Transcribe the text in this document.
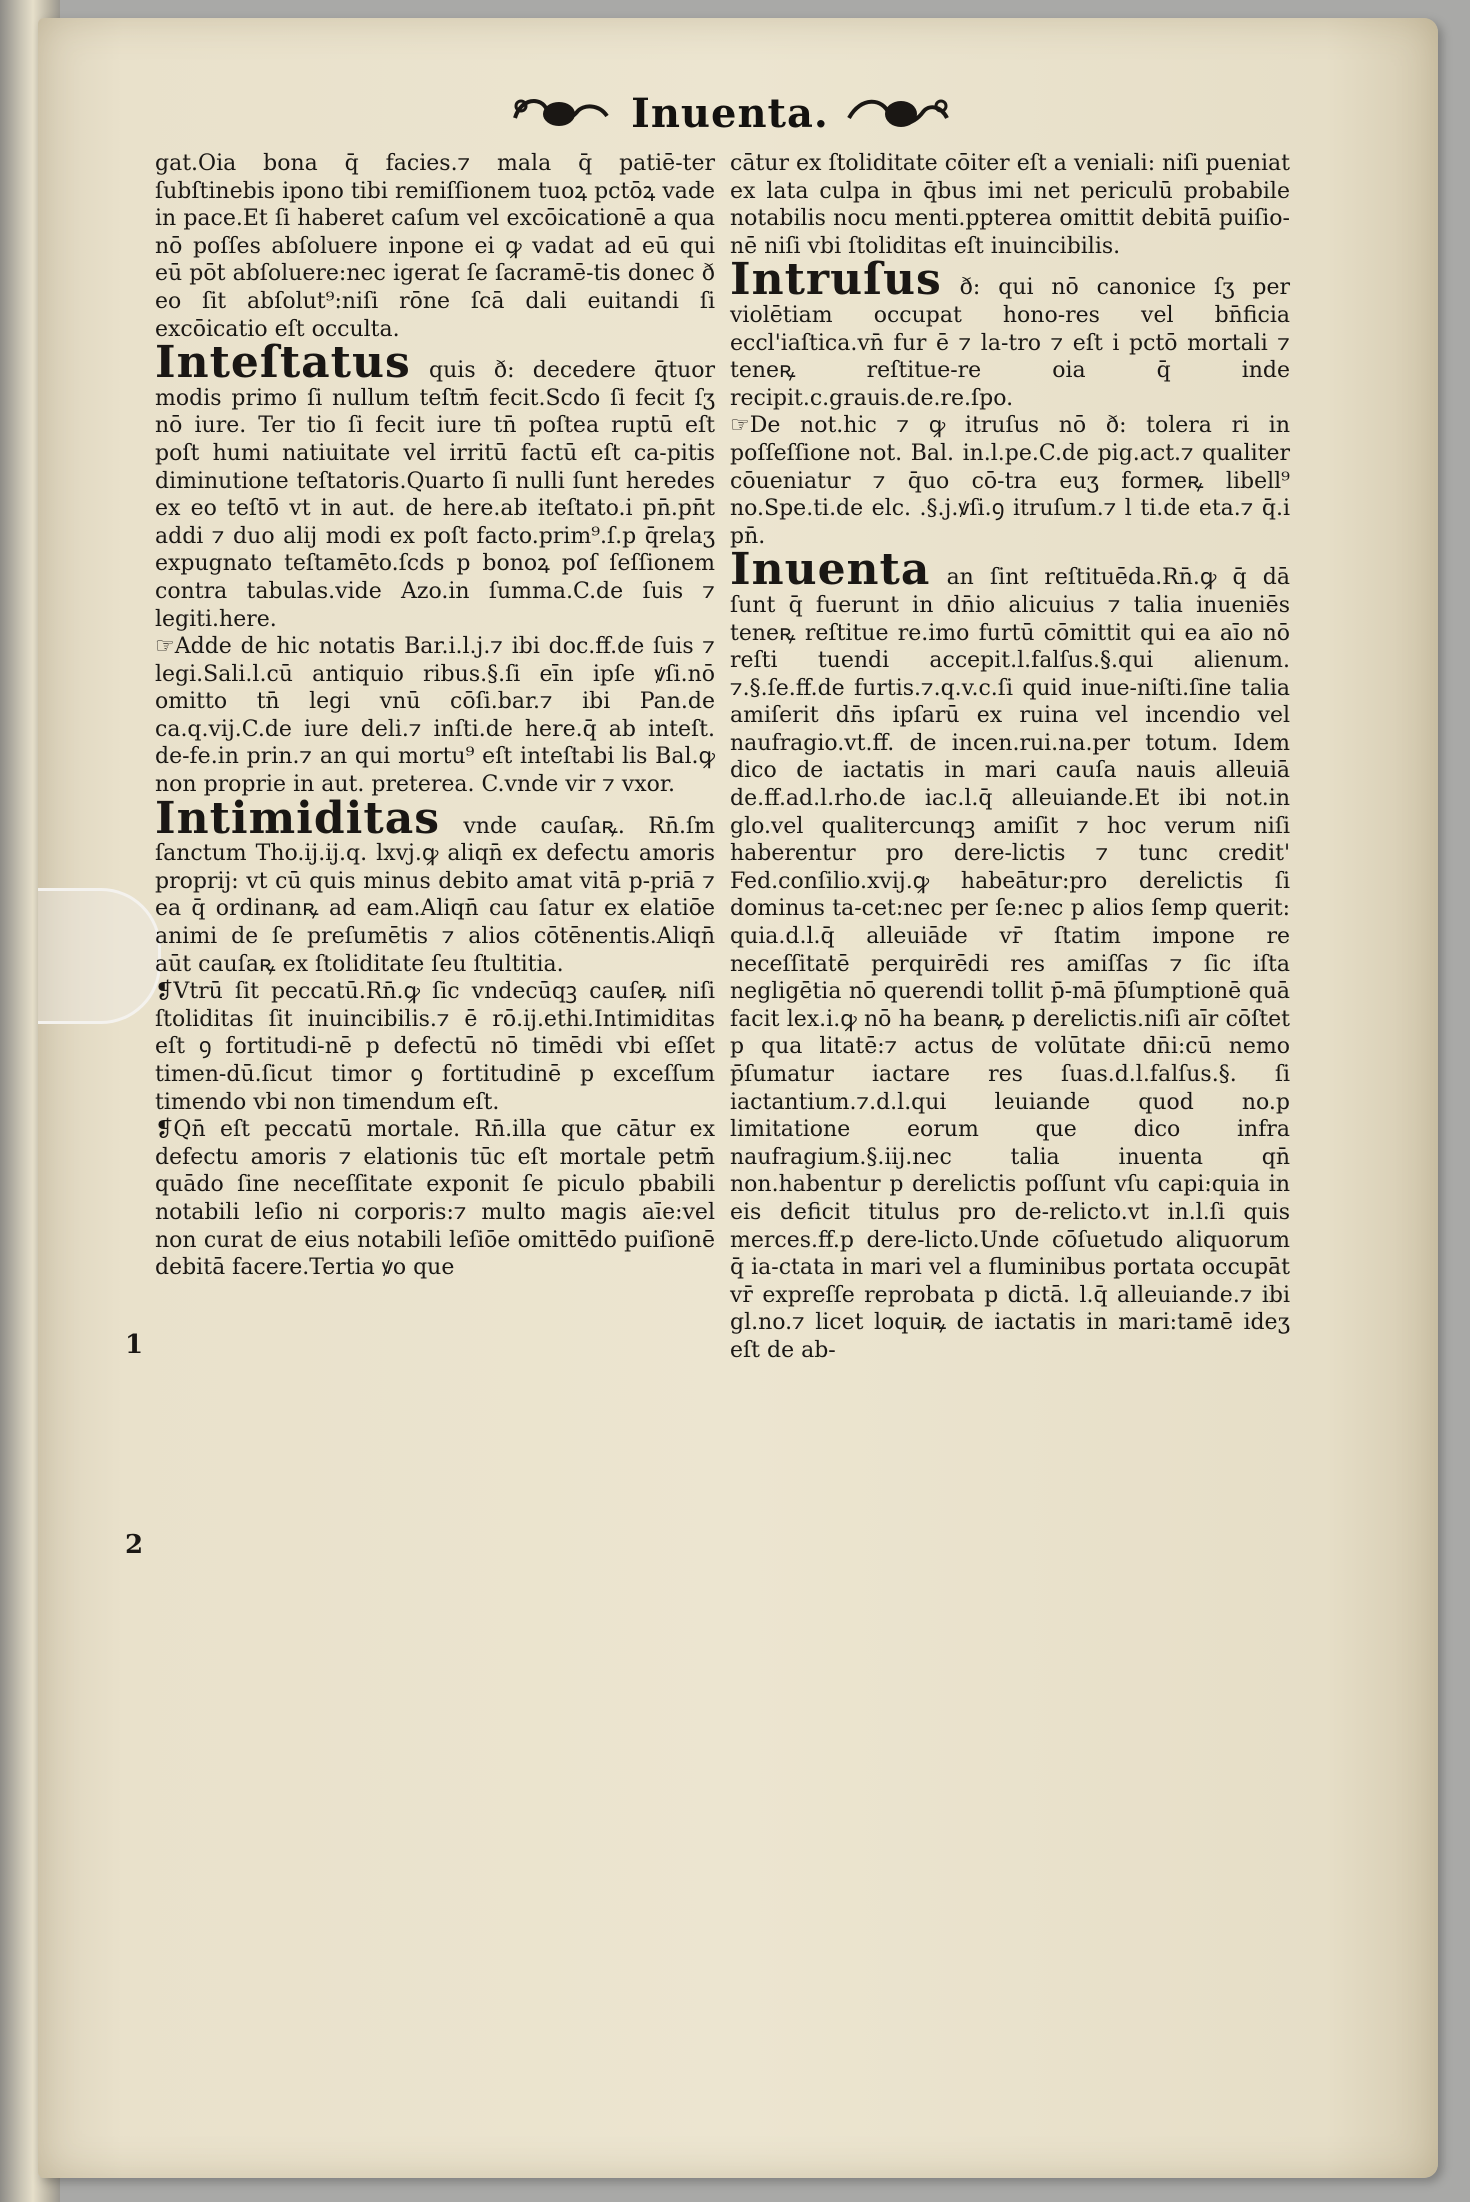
Inuenta.

gat.Oia bona q̄ facies.⁊ mala q̄ patiē-ter ſubſtinebis ipono tibi remiſſionem tuoꝝ pctōꝝ vade in pace.Et ſi haberet caſum vel excōicationē a qua nō poſſes abſoluere inpone ei ꝙ vadat ad eū qui eū pōt abſoluere:nec igerat ſe ſacramē-tis donec ð eo ſit abſolut⁹:niſi rōne ſcā dali euitandi ſi excōicatio eſt occulta.

Inteſtatus quis ð: decedere q̄tuor modis primo ſi nullum teſtm̄ fecit.Scdo ſi fecit ſʒ nō iure. Ter tio ſi fecit iure tn̄ poſtea ruptū eſt poſt humi natiuitate vel irritū factū eſt ca-pitis diminutione teſtatoris.Quarto ſi nulli ſunt heredes ex eo teſtō vt in aut. de here.ab iteſtato.i pn̄.pn̄t addi ⁊ duo alij modi ex poſt facto.prim⁹.ſ.p q̄relaʒ expugnato teſtamēto.ſcds p bonoꝝ poſ ſeſſionem contra tabulas.vide Azo.in ſumma.C.de ſuis ⁊ legiti.here.

☞Adde de hic notatis Bar.i.l.j.⁊ ibi doc.ff.de ſuis ⁊ legi.Sali.l.cū antiquio ribus.§.ſi eīn ipſe ꝟſi.nō omitto tn̄ legi vnū cōſi.bar.⁊ ibi Pan.de ca.q.vij.C.de iure deli.⁊ inſti.de here.q̄ ab inteſt. de-fe.in prin.⁊ an qui mortu⁹ eſt inteſtabi lis Bal.ꝙ non proprie in aut. preterea. C.vnde vir ⁊ vxor.

Intimiditas vnde cauſaꝶ. Rn̄.ſm ſanctum Tho.ij.ij.q. lxvj.ꝙ aliqn̄ ex defectu amoris proprij: vt cū quis minus debito amat vitā p-priā ⁊ ea q̄ ordinanꝶ ad eam.Aliqn̄ cau ſatur ex elatiōe animi de ſe preſumētis ⁊ alios cōtēnentis.Aliqn̄ aūt cauſaꝶ ex ſtoliditate ſeu ſtultitia.

❡Vtrū ſit peccatū.Rn̄.ꝙ ſic vndecūqꝫ cauſeꝶ niſi ſtoliditas ſit inuincibilis.⁊ ē rō.ij.ethi.Intimiditas eſt ꝯ fortitudi-nē p defectū nō timēdi vbi eſſet timen-dū.ſicut timor ꝯ fortitudinē p exceſſum timendo vbi non timendum eſt.

❡Qn̄ eſt peccatū mortale. Rn̄.illa que cātur ex defectu amoris ⁊ elationis tūc eſt mortale petm̄ quādo ſine neceſſitate exponit ſe piculo pbabili notabili leſio ni corporis:⁊ multo magis aīe:vel non curat de eius notabili leſiōe omittēdo puiſionē debitā facere.Tertia ꝟo que

1
2

cātur ex ſtoliditate cōiter eſt a veniali: niſi pueniat ex lata culpa in q̄bus imi net periculū probabile notabilis nocu menti.ppterea omittit debitā puiſio-nē niſi vbi ſtoliditas eſt inuincibilis.

Intruſus ð: qui nō canonice ſʒ per violētiam occupat hono-res vel bn̄ficia eccl'iaſtica.vn̄ fur ē ⁊ la-tro ⁊ eſt i pctō mortali ⁊ teneꝶ reſtitue-re oia q̄ inde recipit.c.grauis.de.re.ſpo.

☞De not.hic ⁊ ꝙ itruſus nō ð: tolera ri in poſſeſſione not. Bal. in.l.pe.C.de pig.act.⁊ qualiter cōueniatur ⁊ q̄uo cō-tra euʒ formeꝶ libell⁹ no.Spe.ti.de elc. .§.j.ꝟſi.ꝯ itruſum.⁊ l ti.de eta.⁊ q̄.i pn̄.

Inuenta an ſint reſtituēda.Rn̄.ꝙ q̄ dā ſunt q̄ fuerunt in dn̄io alicuius ⁊ talia inueniēs teneꝶ reſtitue re.imo furtū cōmittit qui ea aīo nō reſti tuendi accepit.l.falſus.§.qui alienum. ⁊.§.ſe.ff.de furtis.⁊.q.v.c.ſi quid inue-niſti.ſine talia amiſerit dn̄s ipſarū ex ruina vel incendio vel naufragio.vt.ff. de incen.rui.na.per totum. Idem dico de iactatis in mari cauſa nauis alleuiā de.ff.ad.l.rho.de iac.l.q̄ alleuiande.Et ibi not.in glo.vel qualitercunqꝫ amiſit ⁊ hoc verum niſi haberentur pro dere-lictis ⁊ tunc credit' Fed.conſilio.xvij.ꝙ habeātur:pro derelictis ſi dominus ta-cet:nec per ſe:nec p alios ſemp querit: quia.d.l.q̄ alleuiāde vr̄ ſtatim impone re neceſſitatē perquirēdi res amiſſas ⁊ ſic iſta negligētia nō querendi tollit p̄-mā p̄ſumptionē quā facit lex.i.ꝙ nō ha beanꝶ p derelictis.niſi aīr cōſtet p qua litatē:⁊ actus de volūtate dn̄i:cū nemo p̄ſumatur iactare res ſuas.d.l.falſus.§. ſi iactantium.⁊.d.l.qui leuiande quod no.p limitatione eorum que dico infra naufragium.§.iij.nec talia inuenta qn̄ non.habentur p derelictis poſſunt vſu capi:quia in eis deficit titulus pro de-relicto.vt in.l.ſi quis merces.ff.p dere-licto.Unde cōſuetudo aliquorum q̄ ia-ctata in mari vel a fluminibus portata occupāt vr̄ expreſſe reprobata p dictā. l.q̄ alleuiande.⁊ ibi gl.no.⁊ licet loquiꝶ de iactatis in mari:tamē ideʒ eſt de ab-
